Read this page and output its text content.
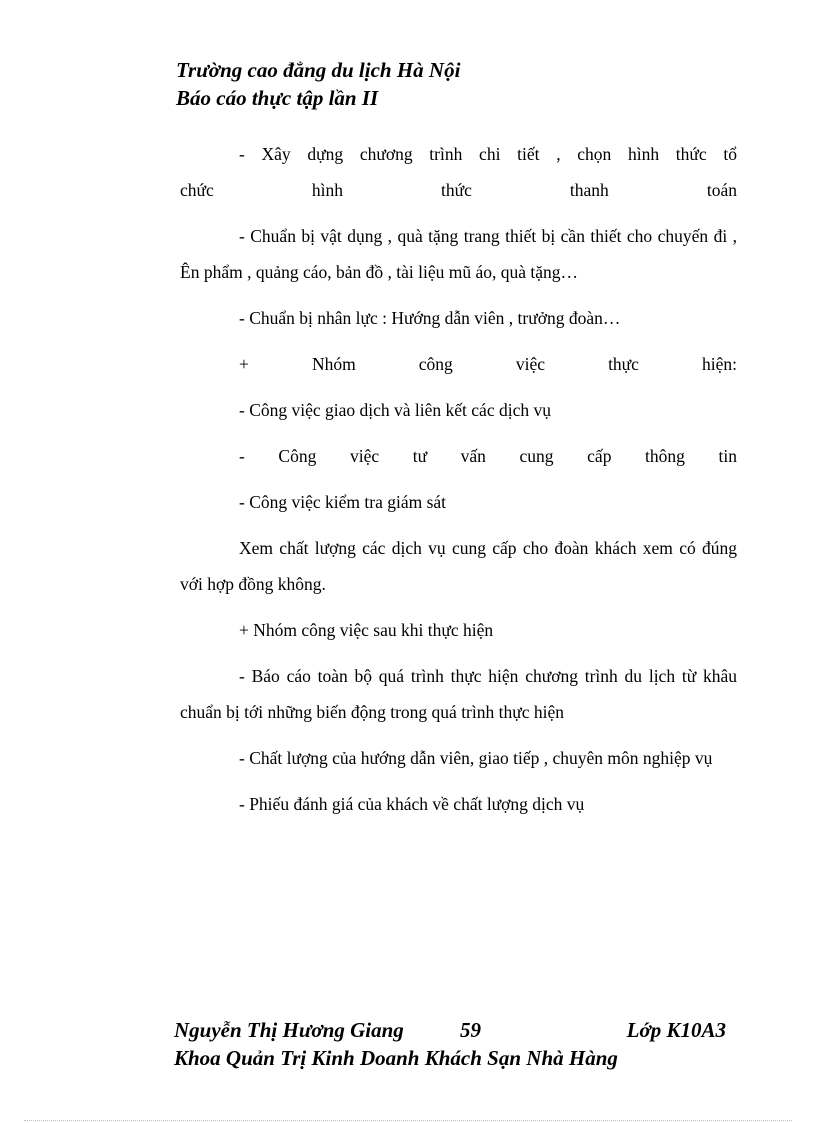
Trường cao đẳng du lịch Hà Nội
Báo cáo thực tập lần II

- Xây dựng chương trình chi tiết , chọn hình thức tổ

chức hình thức thanh toán

- Chuẩn bị vật dụng , quà tặng trang thiết bị cần thiết cho chuyến đi , Ên phẩm , quảng cáo, bản đồ , tài liệu mũ áo, quà tặng…

- Chuẩn bị nhân lực : Hướng dẫn viên , trưởng đoàn…

+ Nhóm công việc thực hiện:

- Công việc giao dịch và liên kết các dịch vụ

- Công việc tư vấn cung cấp thông tin

- Công việc kiểm tra giám sát

Xem chất lượng các dịch vụ cung cấp cho đoàn khách xem có đúng với hợp đồng không.

+ Nhóm công việc sau khi thực hiện

- Báo cáo toàn bộ quá trình thực hiện chương trình du lịch từ khâu chuẩn bị tới những biến động trong quá trình thực hiện

- Chất lượng của hướng dẫn viên, giao tiếp , chuyên môn nghiệp vụ

- Phiếu đánh giá của khách về chất lượng dịch vụ

Nguyễn Thị Hương Giang	59	Lớp K10A3
Khoa Quản Trị Kinh Doanh Khách Sạn Nhà Hàng
